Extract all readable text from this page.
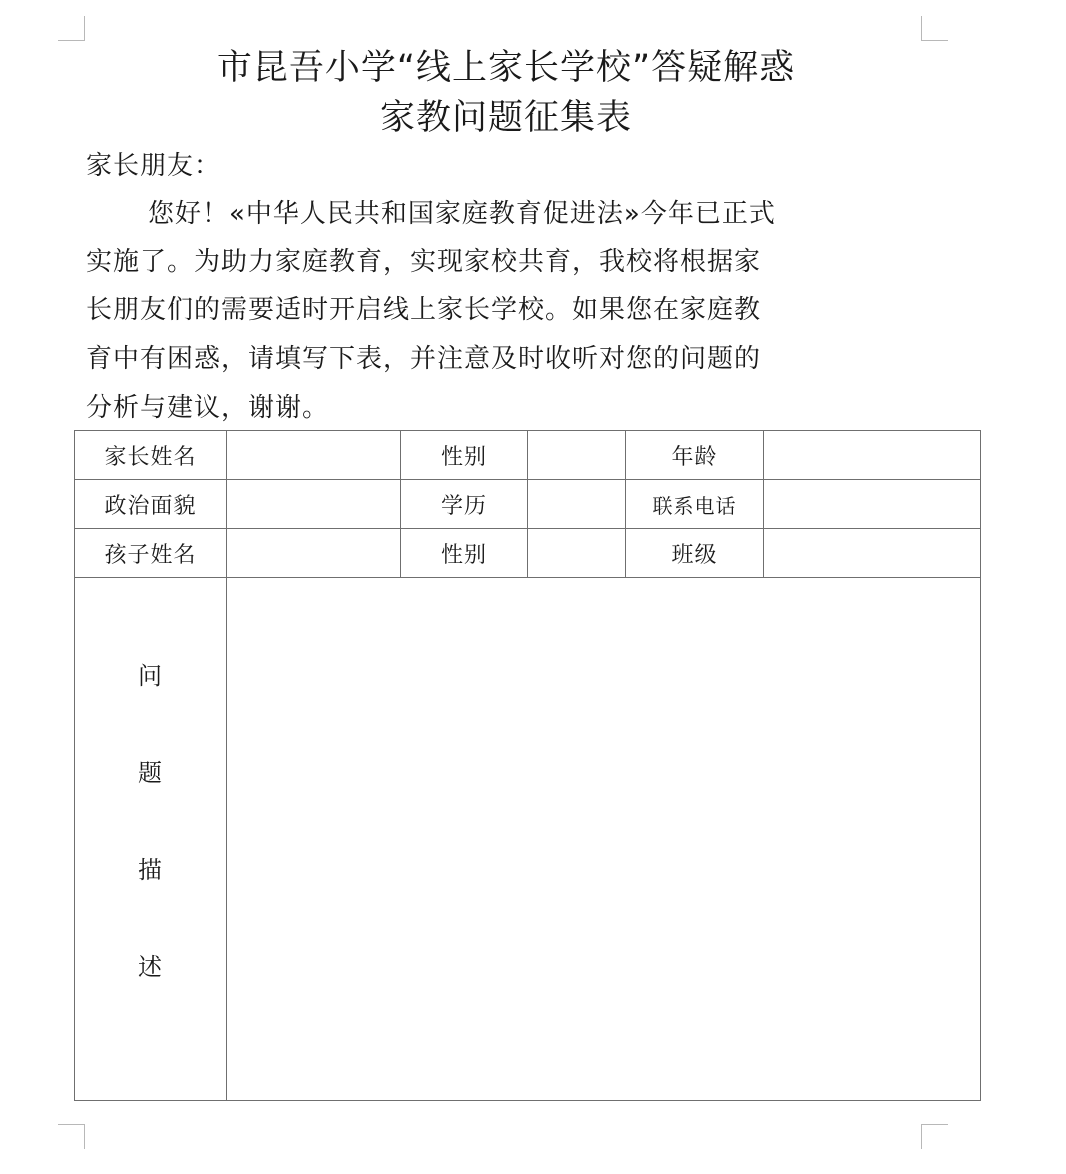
市昆吾小学“线上家长学校”答疑解惑
家教问题征集表
家长朋友：
您好！«中华人民共和国家庭教育促进法»今年已正式
实施了。为助力家庭教育，实现家校共育，我校将根据家
长朋友们的需要适时开启线上家长学校。如果您在家庭教
育中有困惑，请填写下表，并注意及时收听对您的问题的
分析与建议，谢谢。
家长姓名		性别		年龄	
政治面貌		学历		联系电话	
孩子姓名		性别		班级	

问
题
描
述					
